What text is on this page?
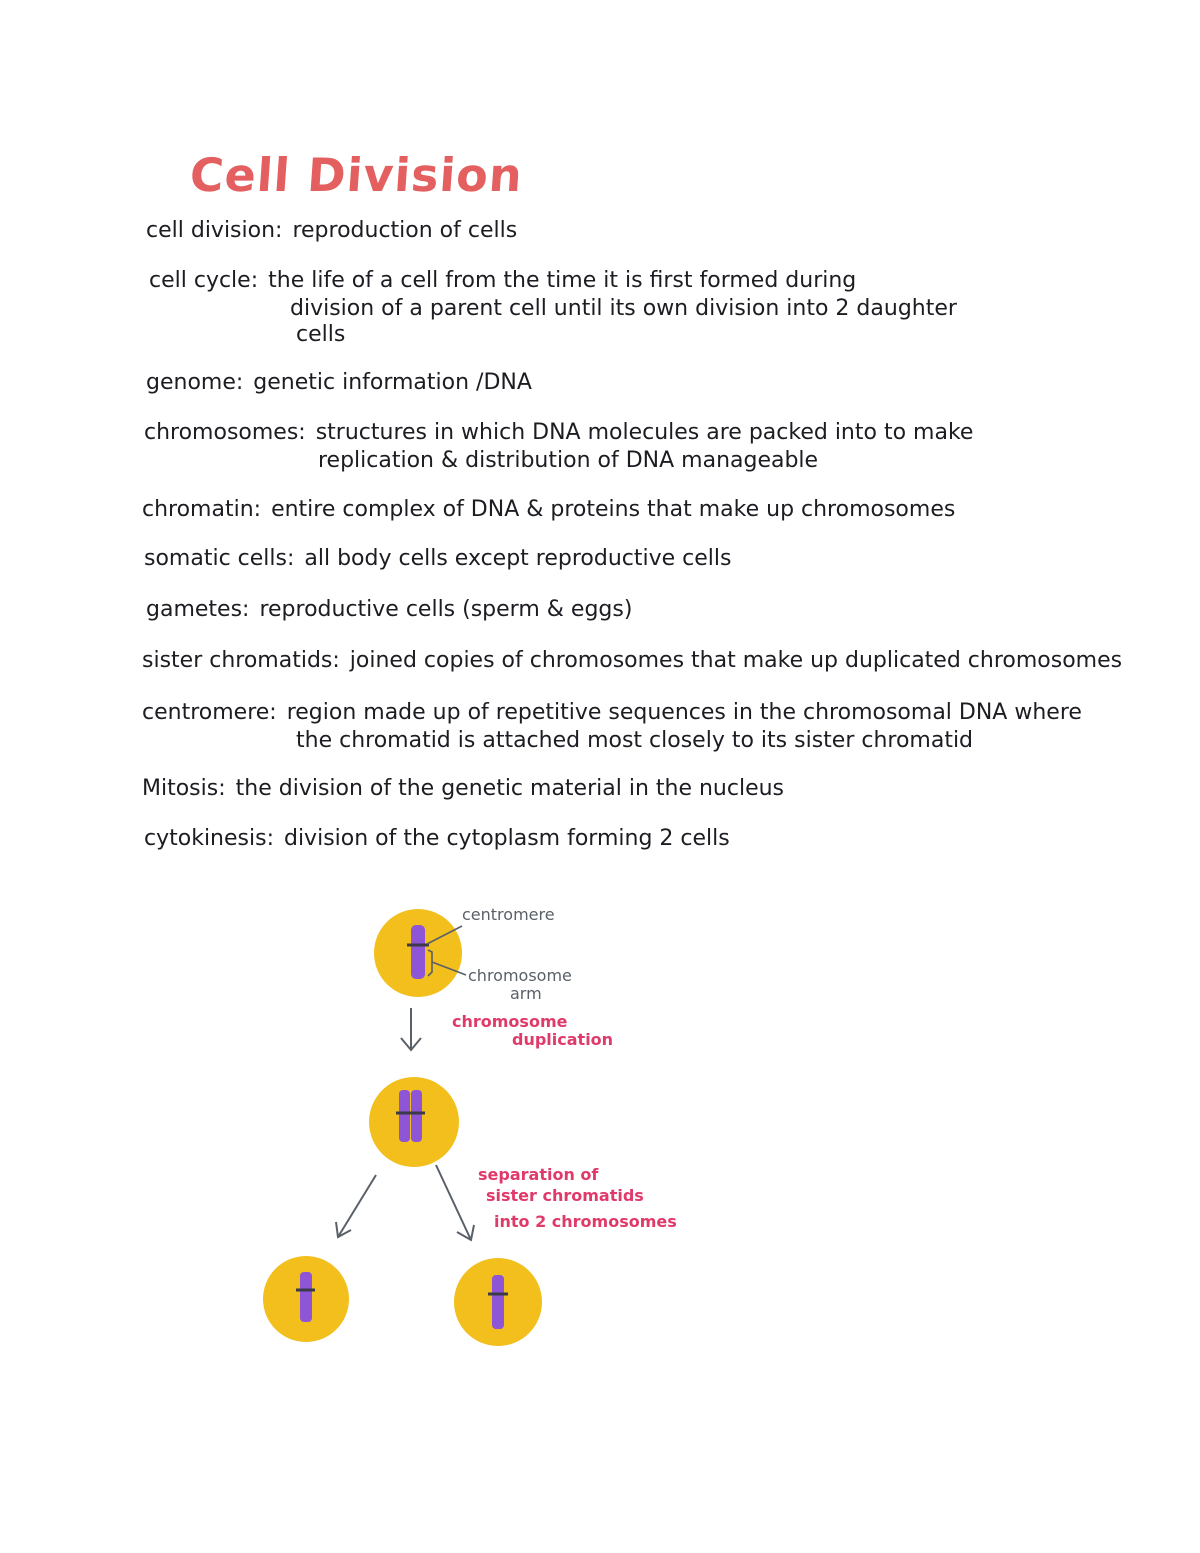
Cell Division
cell division: reproduction of cells
cell cycle: the life of a cell from the time it is first formed during
division of a parent cell until its own division into 2 daughter
cells
genome: genetic information /DNA
chromosomes: structures in which DNA molecules are packed into to make
replication & distribution of DNA manageable
chromatin: entire complex of DNA & proteins that make up chromosomes
somatic cells: all body cells except reproductive cells
gametes: reproductive cells (sperm & eggs)
sister chromatids: joined copies of chromosomes that make up duplicated chromosomes
centromere: region made up of repetitive sequences in the chromosomal DNA where
the chromatid is attached most closely to its sister chromatid
Mitosis: the division of the genetic material in the nucleus
cytokinesis: division of the cytoplasm forming 2 cells
centromere
chromosome
arm
chromosome
duplication
separation of
sister chromatids
into 2 chromosomes
